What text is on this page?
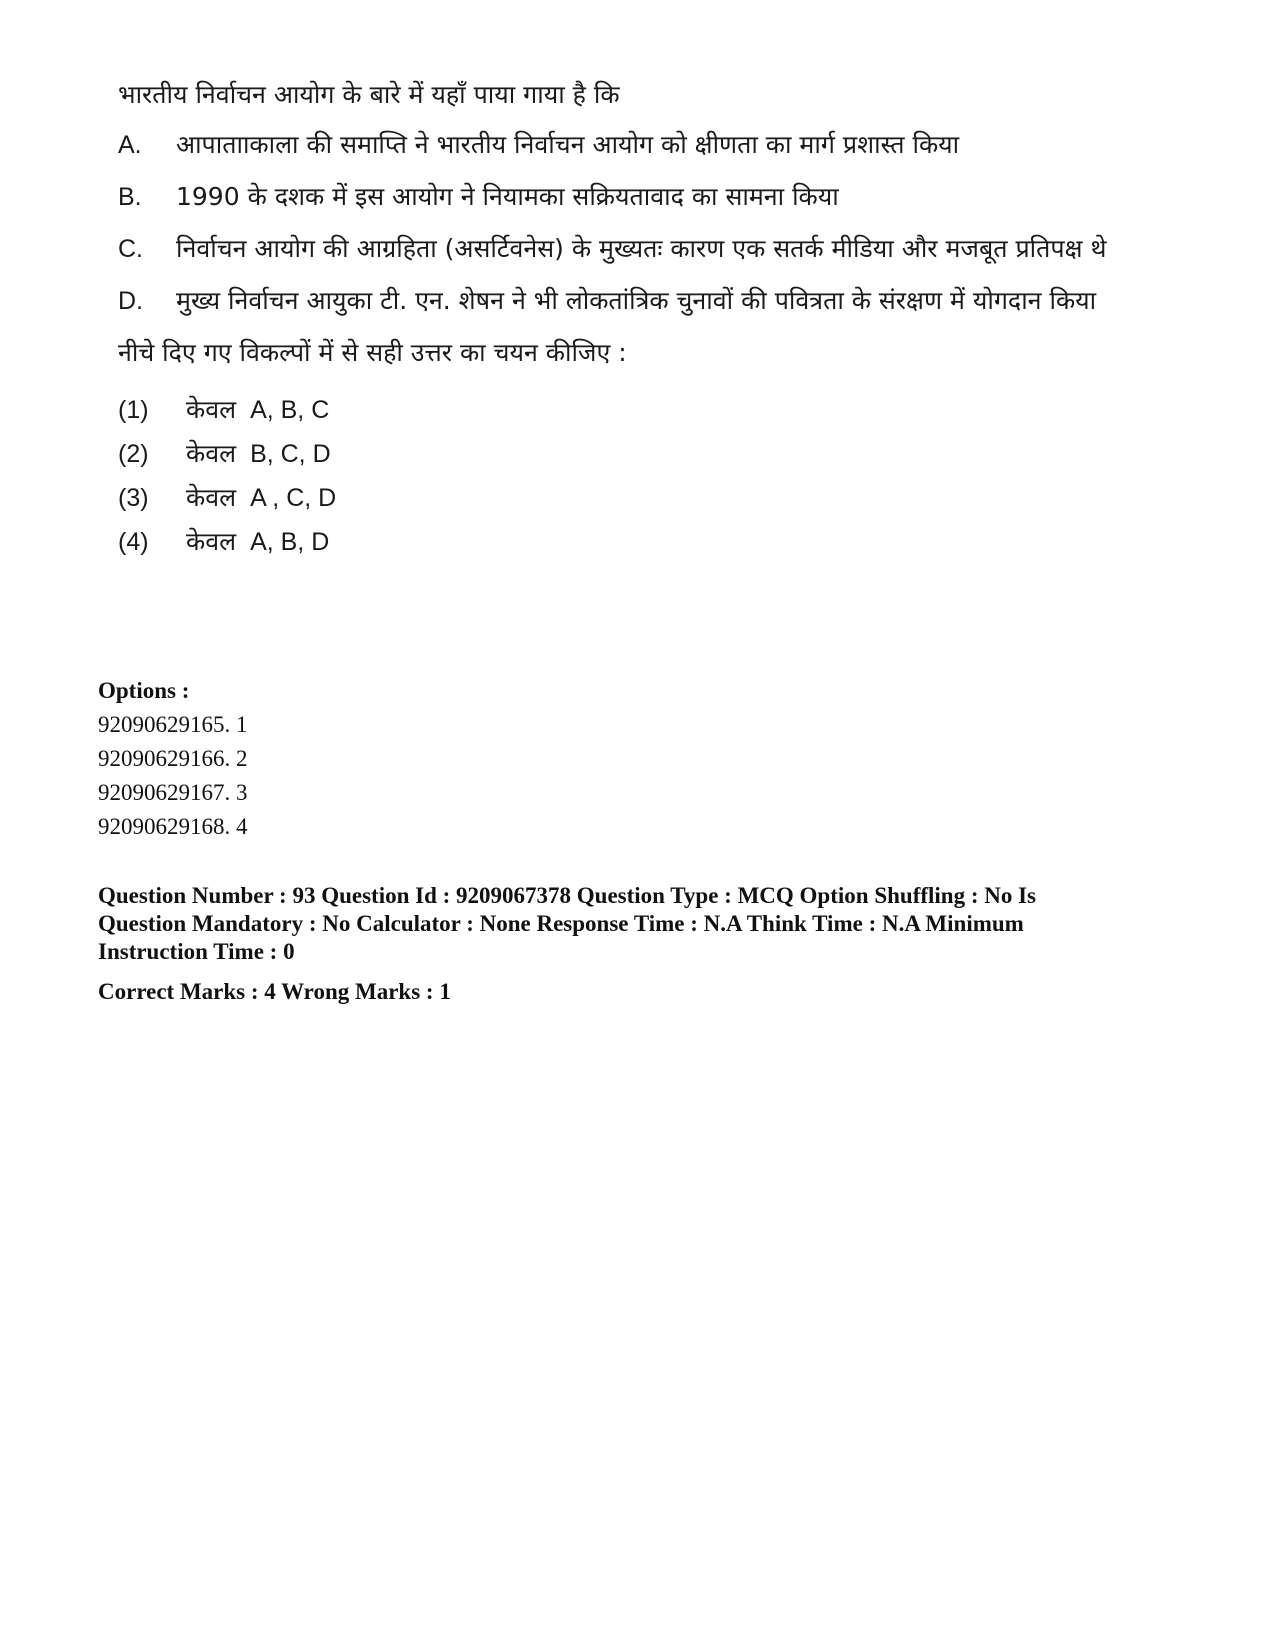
भारतीय निर्वाचन आयोग के बारे में यहाँ पाया गाया है कि
A.	आपातााकाला की समाप्ति ने भारतीय निर्वाचन आयोग को क्षीणता का मार्ग प्रशास्त किया
B.	1990 के दशक में इस आयोग ने नियामका सक्रियतावाद का सामना किया
C.	निर्वाचन आयोग की आग्रहिता (असर्टिवनेस) के मुख्यतः कारण एक सतर्क मीडिया और मजबूत प्रतिपक्ष थे
D.	मुख्य निर्वाचन आयुका टी. एन. शेषन ने भी लोकतांत्रिक चुनावों की पवित्रता के संरक्षण में योगदान किया
नीचे दिए गए विकल्पों में से सही उत्तर का चयन कीजिए :
(1)	केवल A, B, C
(2)	केवल B, C, D
(3)	केवल A , C, D
(4)	केवल A, B, D
Options :
92090629165. 1
92090629166. 2
92090629167. 3
92090629168. 4
Question Number : 93 Question Id : 9209067378 Question Type : MCQ Option Shuffling : No Is Question Mandatory : No Calculator : None Response Time : N.A Think Time : N.A Minimum Instruction Time : 0
Correct Marks : 4 Wrong Marks : 1
